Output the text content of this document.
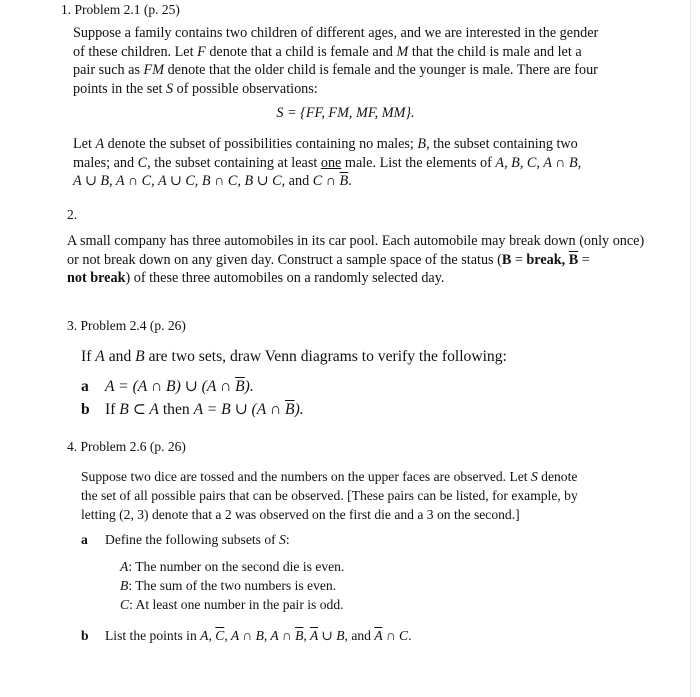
1. Problem 2.1 (p. 25)
Suppose a family contains two children of different ages, and we are interested in the gender
of these children. Let F denote that a child is female and M that the child is male and let a
pair such as FM denote that the older child is female and the younger is male. There are four
points in the set S of possible observations:
S = {FF, FM, MF, MM}.
Let A denote the subset of possibilities containing no males; B, the subset containing two
males; and C, the subset containing at least one male. List the elements of A, B, C, A ∩ B,
A ∪ B, A ∩ C, A ∪ C, B ∩ C, B ∪ C, and C ∩ $\overline{B}$.
2.
A small company has three automobiles in its car pool. Each automobile may break down (only once)
or not break down on any given day. Construct a sample space of the status (B = break, $\overline{B}$ =
not break) of these three automobiles on a randomly selected day.
3. Problem 2.4 (p. 26)
If A and B are two sets, draw Venn diagrams to verify the following:
a A = (A ∩ B) ∪ (A ∩ $\overline{B}$).
b If B ⊂ A then A = B ∪ (A ∩ $\overline{B}$).
4. Problem 2.6 (p. 26)
Suppose two dice are tossed and the numbers on the upper faces are observed. Let S denote
the set of all possible pairs that can be observed. [These pairs can be listed, for example, by
letting (2, 3) denote that a 2 was observed on the first die and a 3 on the second.]
a Define the following subsets of S:
A: The number on the second die is even.
B: The sum of the two numbers is even.
C: At least one number in the pair is odd.
b List the points in A, $\overline{C}$, A ∩ B, A ∩ $\overline{B}$, $\overline{A}$ ∪ B, and $\overline{A}$ ∩ C.
